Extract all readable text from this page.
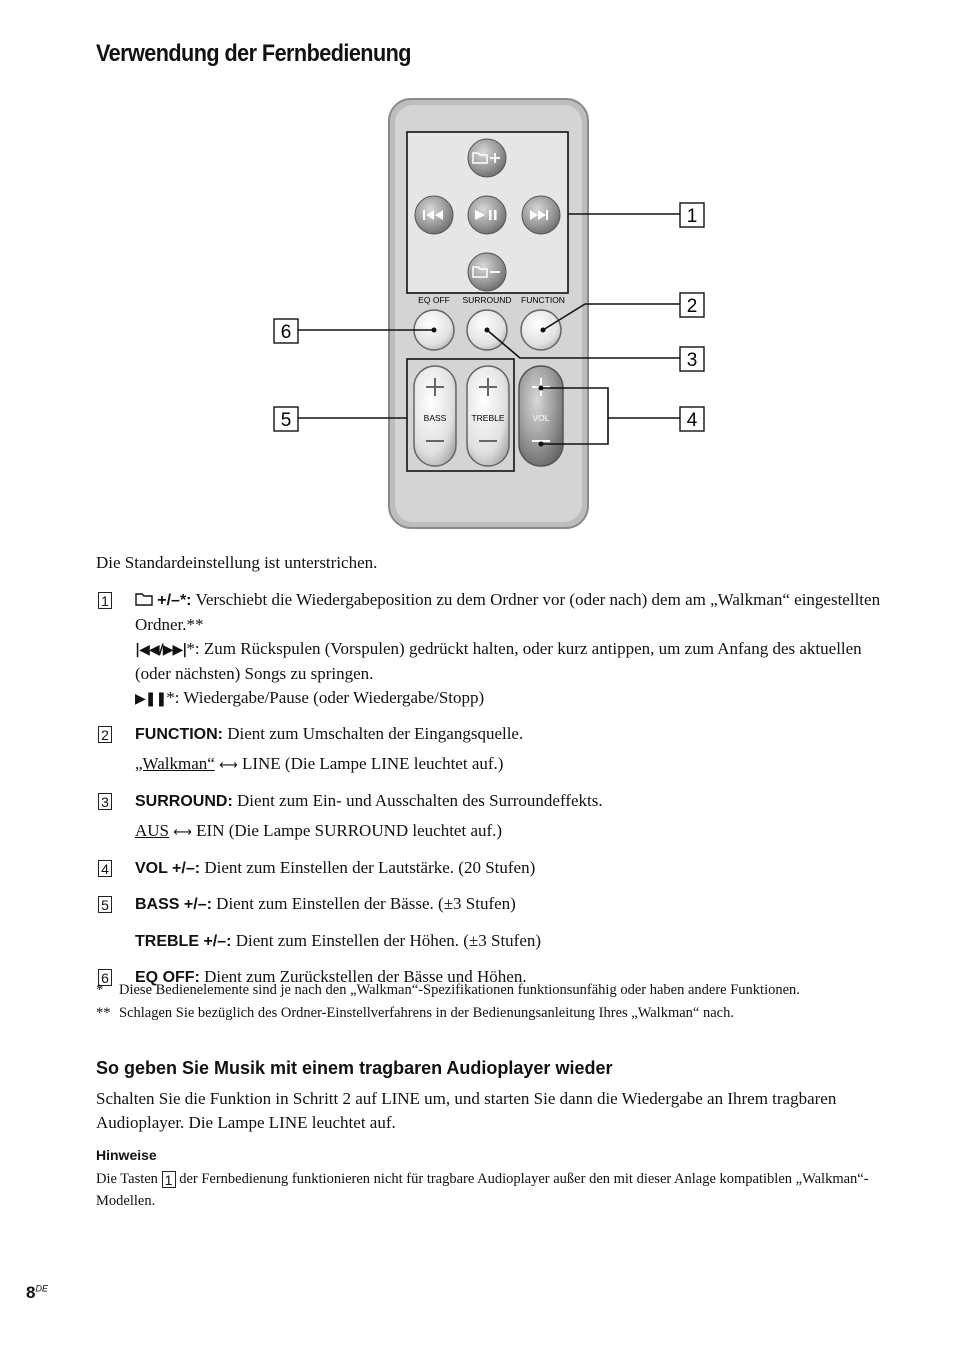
Verwendung der Fernbedienung
EQ OFF SURROUND FUNCTION
BASS	TREBLE	VOL
1
2
3
4
5
6
Die Standardeinstellung ist unterstrichen.
1	+/–*: Verschiebt die Wiedergabeposition zu dem Ordner vor (oder nach) dem am „Walkman“ eingestellten Ordner.**
|◀◀/▶▶|*: Zum Rückspulen (Vorspulen) gedrückt halten, oder kurz antippen, um zum Anfang des aktuellen (oder nächsten) Songs zu springen.
▶❚❚*: Wiedergabe/Pause (oder Wiedergabe/Stopp)
2 FUNCTION: Dient zum Umschalten der Eingangsquelle.
„Walkman“ ⟷ LINE (Die Lampe LINE leuchtet auf.)
3 SURROUND: Dient zum Ein- und Ausschalten des Surroundeffekts.
AUS ⟷ EIN (Die Lampe SURROUND leuchtet auf.)
4 VOL +/–: Dient zum Einstellen der Lautstärke. (20 Stufen)
5 BASS +/–: Dient zum Einstellen der Bässe. (±3 Stufen)
TREBLE +/–: Dient zum Einstellen der Höhen. (±3 Stufen)
6 EQ OFF: Dient zum Zurückstellen der Bässe und Höhen.
* Diese Bedienelemente sind je nach den „Walkman“-Spezifikationen funktionsunfähig oder haben andere Funktionen.
** Schlagen Sie bezüglich des Ordner-Einstellverfahrens in der Bedienungsanleitung Ihres „Walkman“ nach.
So geben Sie Musik mit einem tragbaren Audioplayer wieder
Schalten Sie die Funktion in Schritt 2 auf LINE um, und starten Sie dann die Wiedergabe an Ihrem tragbaren Audioplayer. Die Lampe LINE leuchtet auf.
Hinweise
Die Tasten 1 der Fernbedienung funktionieren nicht für tragbare Audioplayer außer den mit dieser Anlage kompatiblen „Walkman“-Modellen.
8DE
